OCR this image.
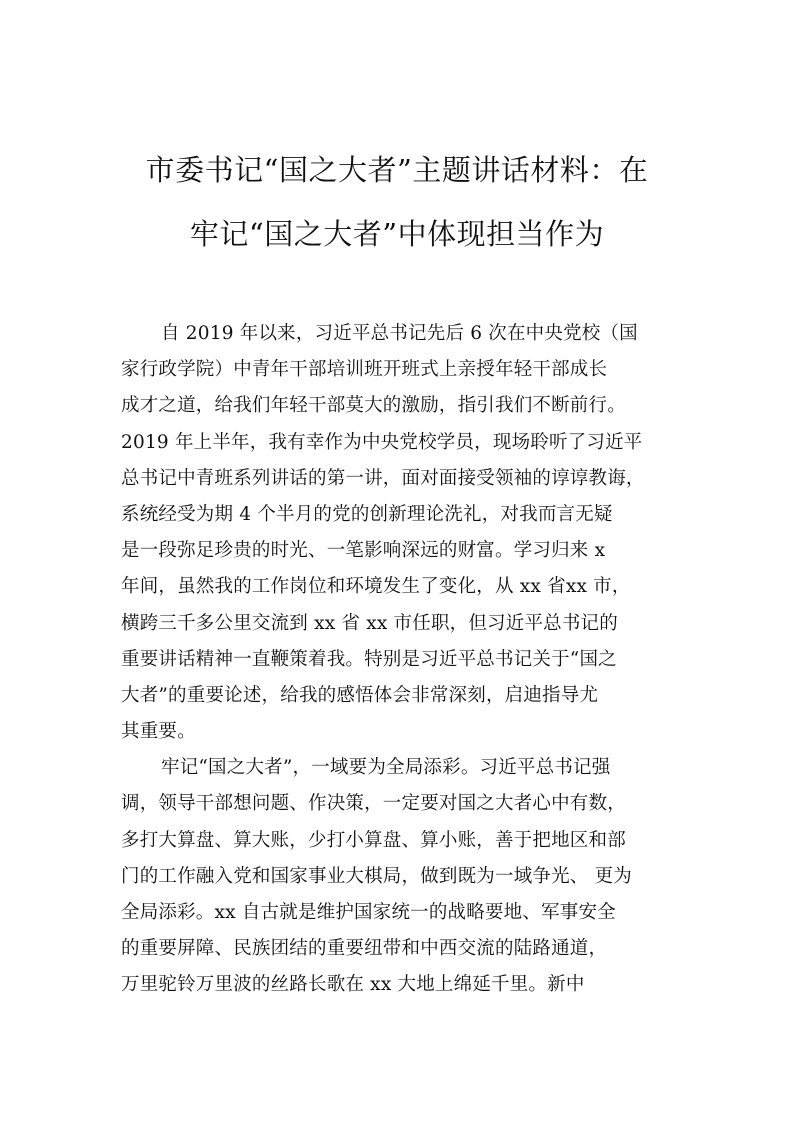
市委书记“国之大者”主题讲话材料：在
牢记“国之大者”中体现担当作为
自 2019 年以来，习近平总书记先后 6 次在中央党校（国
家行政学院）中青年干部培训班开班式上亲授年轻干部成长
成才之道，给我们年轻干部莫大的激励，指引我们不断前行。
2019 年上半年，我有幸作为中央党校学员，现场聆听了习近平
总书记中青班系列讲话的第一讲，面对面接受领袖的谆谆教诲，
系统经受为期 4 个半月的党的创新理论洗礼，对我而言无疑
是一段弥足珍贵的时光、一笔影响深远的财富。学习归来 x
年间，虽然我的工作岗位和环境发生了变化，从 xx 省xx 市，
横跨三千多公里交流到 xx 省 xx 市任职，但习近平总书记的
重要讲话精神一直鞭策着我。特别是习近平总书记关于“国之
大者”的重要论述，给我的感悟体会非常深刻，启迪指导尤
其重要。
牢记“国之大者”，一域要为全局添彩。习近平总书记强
调，领导干部想问题、作决策，一定要对国之大者心中有数，
多打大算盘、算大账，少打小算盘、算小账，善于把地区和部
门的工作融入党和国家事业大棋局，做到既为一域争光、 更为
全局添彩。xx 自古就是维护国家统一的战略要地、军事安全
的重要屏障、民族团结的重要纽带和中西交流的陆路通道，
万里驼铃万里波的丝路长歌在 xx 大地上绵延千里。新中
